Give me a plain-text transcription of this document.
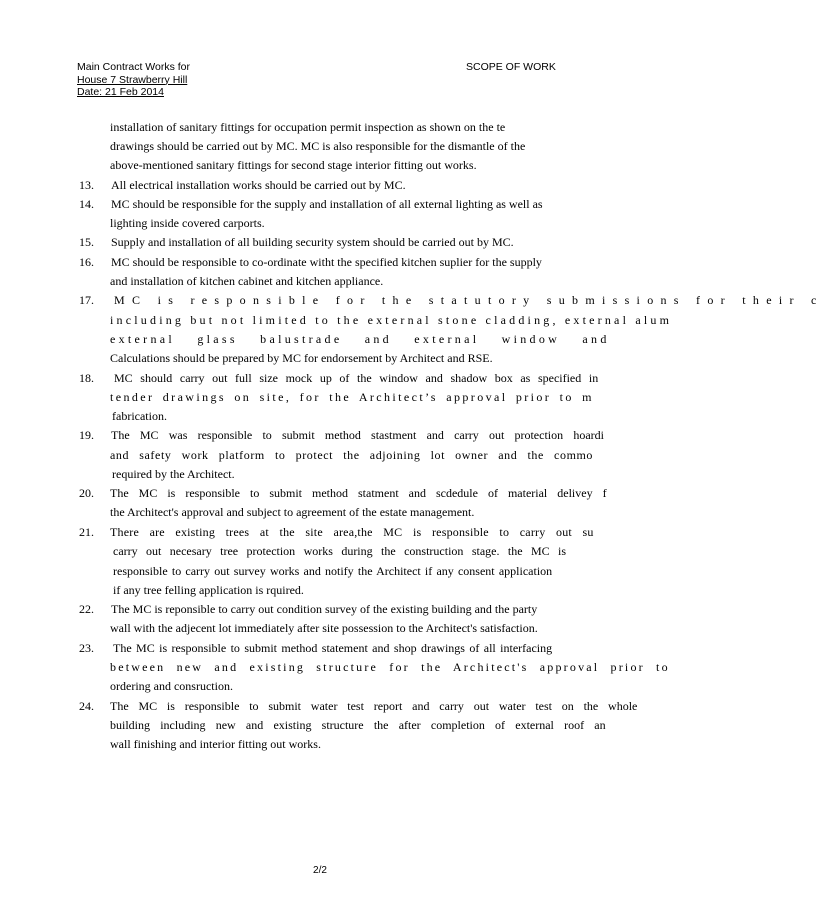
Main Contract Works for
House 7 Strawberry Hill
Date: 21 Feb 2014
SCOPE OF WORK
installation of sanitary fittings for occupation permit inspection as shown on the te
drawings should be carried out by MC. MC is also responsible for the dismantle of the
above-mentioned sanitary fittings for second stage interior fitting out works.
13.	All electrical installation works should be carried out by MC.
14.	MC should be responsible for the supply and installation of all external lighting as well as
lighting inside covered carports.
15.	Supply and installation of all building security system should be carried out by MC.
16.	MC should be responsible to co-ordinate witht the specified kitchen suplier for the supply
and installation of kitchen cabinet and kitchen appliance.
17.	MC is responsible for the statutory submissions for their c
including but not limited to the external stone cladding, external alum
external glass balustrade and external window and
Calculations should be prepared by MC for endorsement by Architect and RSE.
18.	MC should carry out full size mock up of the window and shadow box as specified in
tender drawings on site, for the Architect’s approval prior to m
fabrication.
19.	The MC was responsible to submit method stastment and carry out protection hoardi
and safety work platform to protect the adjoining lot owner and the commo
required by the Architect.
20.	The MC is responsible to submit method statment and scdedule of material delivey f
the Architect's approval and subject to agreement of the estate management.
21.	There are existing trees at the site area,the MC is responsible to carry out su
carry out necesary tree protection works during the construction stage. the MC is
responsible to carry out survey works and notify the Architect if any consent application
if any tree felling application is rquired.
22.	The MC is reponsible to carry out condition survey of the existing building and the party
wall with the adjecent lot immediately after site possession to the Architect's satisfaction.
23.	The MC is responsible to submit method statement and shop drawings of all interfacing
between new and existing structure for the Architect's approval prior to
ordering and consruction.
24.	The MC is responsible to submit water test report and carry out water test on the whole
building including new and existing structure the after completion of external roof an
wall finishing and interior fitting out works.
2/2
